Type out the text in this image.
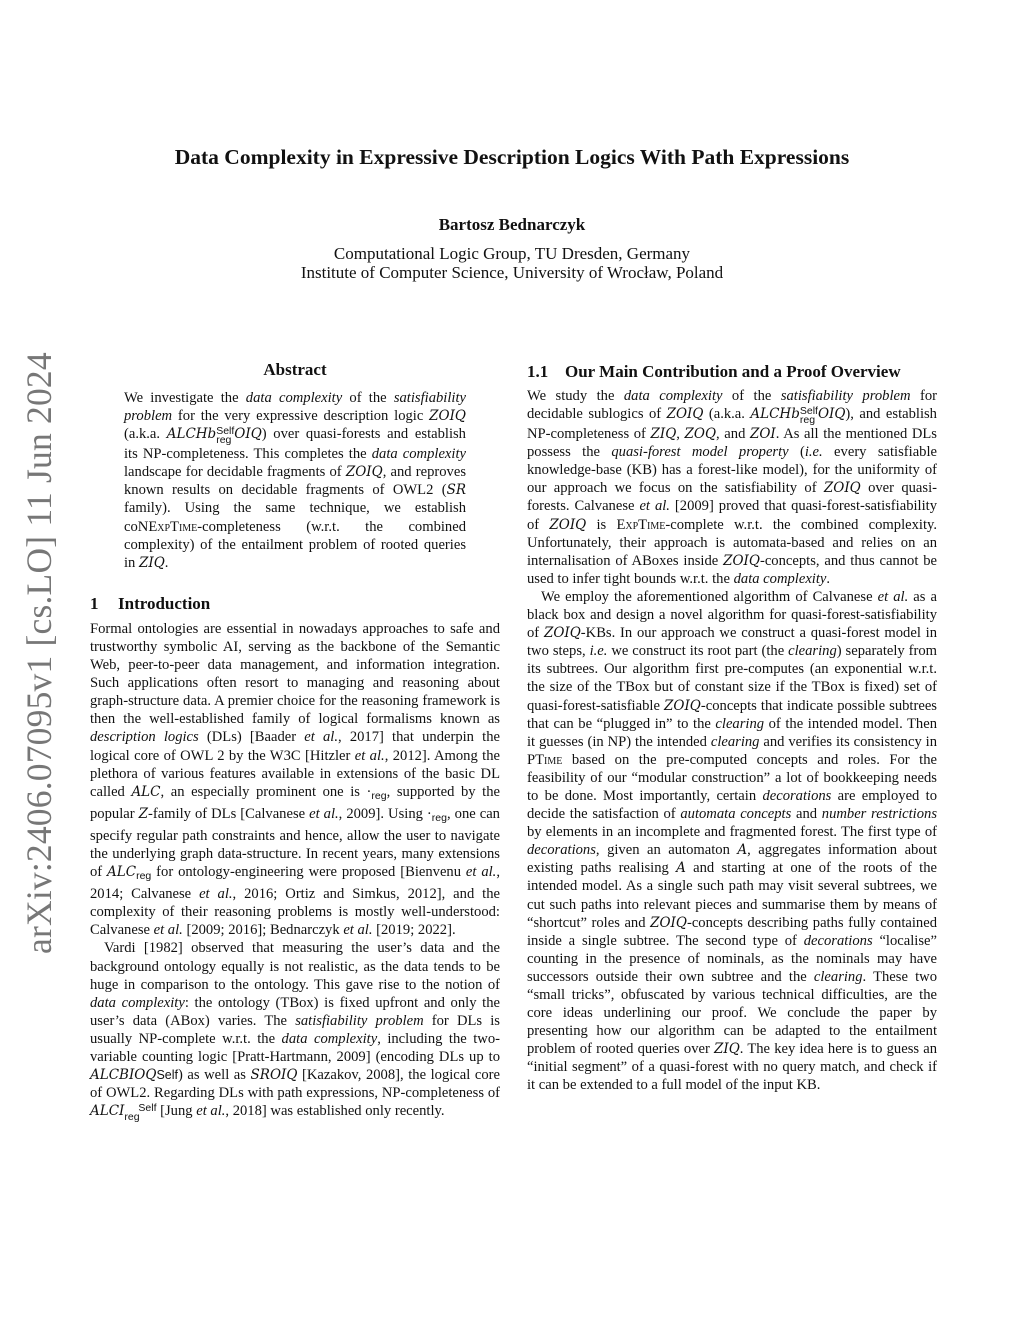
arXiv:2406.07095v1 [cs.LO] 11 Jun 2024
Data Complexity in Expressive Description Logics With Path Expressions
Bartosz Bednarczyk
Computational Logic Group, TU Dresden, Germany
Institute of Computer Science, University of Wrocław, Poland
Abstract

We investigate the data complexity of the satisfiability problem for the very expressive description logic ZOIQ (a.k.a. ALCHbSelf
reg OIQ) over quasi-forests and establish its NP-completeness. This completes the data complexity landscape for decidable fragments of ZOIQ, and reproves known results on decidable fragments of OWL2 (SR family). Using the same technique, we establish coNExpTime-completeness (w.r.t. the combined complexity) of the entailment problem of rooted queries in ZIQ.

1 Introduction

Formal ontologies are essential in nowadays approaches to safe and trustworthy symbolic AI, serving as the backbone of the Semantic Web, peer-to-peer data management, and information integration. Such applications often resort to managing and reasoning about graph-structure data. A premier choice for the reasoning framework is then the well-established family of logical formalisms known as description logics (DLs) [Baader et al., 2017] that underpin the logical core of OWL 2 by the W3C [Hitzler et al., 2012]. Among the plethora of various features available in extensions of the basic DL called ALC, an especially prominent one is $\cdot_{reg}$, supported by the popular Z-family of DLs [Calvanese et al., 2009]. $Using \cdot_{reg}$, one can specify regular path constraints and hence, allow the user to navigate the underlying graph data-structure. In recent years, many extensions of $ALC_{reg}$ for ontology-engineering were proposed [Bienvenu et al., 2014; Calvanese et al., 2016; Ortiz and Simkus, 2012], and the complexity of their reasoning problems is mostly well-understood: Calvanese et al. [2009; 2016]; Bednarczyk et al. [2019; 2022].

Vardi [1982] observed that measuring the user’s data and the background ontology equally is not realistic, as the data tends to be huge in comparison to the ontology. This gave rise to the notion of data complexity: the ontology (TBox) is fixed upfront and only the user’s data (ABox) varies. The satisfiability problem for DLs is usually NP-complete w.r.t. the data complexity, including the two-variable counting logic [Pratt-Hartmann, 2009] (encoding DLs up to ALCBIOQSelf) as well as SROIQ [Kazakov, 2008], the logical core of OWL2. Regarding DLs with path expressions, NP-completeness of ALCI Self
reg [Jung et al., 2018] was established only recently.

1.1 Our Main Contribution and a Proof Overview

We study the data complexity of the satisfiability problem for decidable sublogics of ZOIQ (a.k.a. ALCHbSelf
reg OIQ), and establish NP-completeness of ZIQ, ZOQ, and ZOI. As all the mentioned DLs possess the quasi-forest model property (i.e. every satisfiable knowledge-base (KB) has a forest-like model), for the uniformity of our approach we focus on the satisfiability of ZOIQ over quasi-forests. Calvanese et al. [2009] proved that quasi-forest-satisfiability of ZOIQ is ExpTime-complete w.r.t. the combined complexity. Unfortunately, their approach is automata-based and relies on an internalisation of ABoxes inside ZOIQ-concepts, and thus cannot be used to infer tight bounds w.r.t. the data complexity.

We employ the aforementioned algorithm of Calvanese et al. as a black box and design a novel algorithm for quasi-forest-satisfiability of ZOIQ-KBs. In our approach we construct a quasi-forest model in two steps, i.e. we construct its root part (the clearing) separately from its subtrees. Our algorithm first pre-computes (an exponential w.r.t. the size of the TBox but of constant size if the TBox is fixed) set of quasi-forest-satisfiable ZOIQ-concepts that indicate possible subtrees that can be “plugged in” to the clearing of the intended model. Then it guesses (in NP) the intended clearing and verifies its consistency in PTime based on the pre-computed concepts and roles. For the feasibility of our “modular construction” a lot of bookkeeping needs to be done. Most importantly, certain decorations are employed to decide the satisfaction of automata concepts and number restrictions by elements in an incomplete and fragmented forest. The first type of decorations, given an automaton A, aggregates information about existing paths realising A and starting at one of the roots of the intended model. As a single such path may visit several subtrees, we cut such paths into relevant pieces and summarise them by means of “shortcut” roles and ZOIQ-concepts describing paths fully contained inside a single subtree. The second type of decorations “localise” counting in the presence of nominals, as the nominals may have successors outside their own subtree and the clearing. These two “small tricks”, obfuscated by various technical difficulties, are the core ideas underlining our proof. We conclude the paper by presenting how our algorithm can be adapted to the entailment problem of rooted queries over ZIQ. The key idea here is to guess an “initial segment” of a quasi-forest with no query match, and check if it can be extended to a full model of the input KB.
